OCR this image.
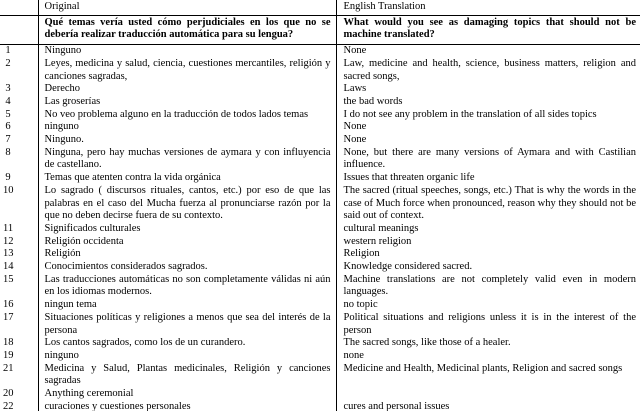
	Original	English Translation
	Qué temas vería usted cómo perjudiciales en los que no se debería realizar traducción automática para su lengua?	What would you see as damaging topics that should not be machine translated?
1	Ninguno	None
2	Leyes, medicina y salud, ciencia, cuestiones mercantiles, religión y canciones sagradas,	Law, medicine and health, science, business matters, religion and sacred songs,
3	Derecho	Laws
4	Las groserías	the bad words
5	No veo problema alguno en la traducción de todos lados temas	I do not see any problem in the translation of all sides topics
6	ninguno	None
7	Ninguno.	None
8	Ninguna, pero hay muchas versiones de aymara y con influyencia de castellano.	None, but there are many versions of Aymara and with Castilian influence.
9	Temas que atenten contra la vida orgánica	Issues that threaten organic life
10	Lo sagrado ( discursos rituales, cantos, etc.) por eso de que las palabras en el caso del Mucha fuerza al pronunciarse razón por la que no deben decirse fuera de su contexto.	The sacred (ritual speeches, songs, etc.) That is why the words in the case of Much force when pronounced, reason why they should not be said out of context.
11	Significados culturales	cultural meanings
12	Religión occidenta	western religion
13	Religión	Religion
14	Conocimientos considerados sagrados.	Knowledge considered sacred.
15	Las traducciones automáticas no son completamente válidas ni aún en los idiomas modernos.	Machine translations are not completely valid even in modern languages.
16	ningun tema	no topic
17	Situaciones políticas y religiones a menos que sea del interés de la persona	Political situations and religions unless it is in the interest of the person
18	Los cantos sagrados, como los de un curandero.	The sacred songs, like those of a healer.
19	ninguno	none
21	Medicina y Salud, Plantas medicinales, Religión y canciones sagradas	Medicine and Health, Medicinal plants, Religion and sacred songs
20	Anything ceremonial	
22	curaciones y cuestiones personales	cures and personal issues
